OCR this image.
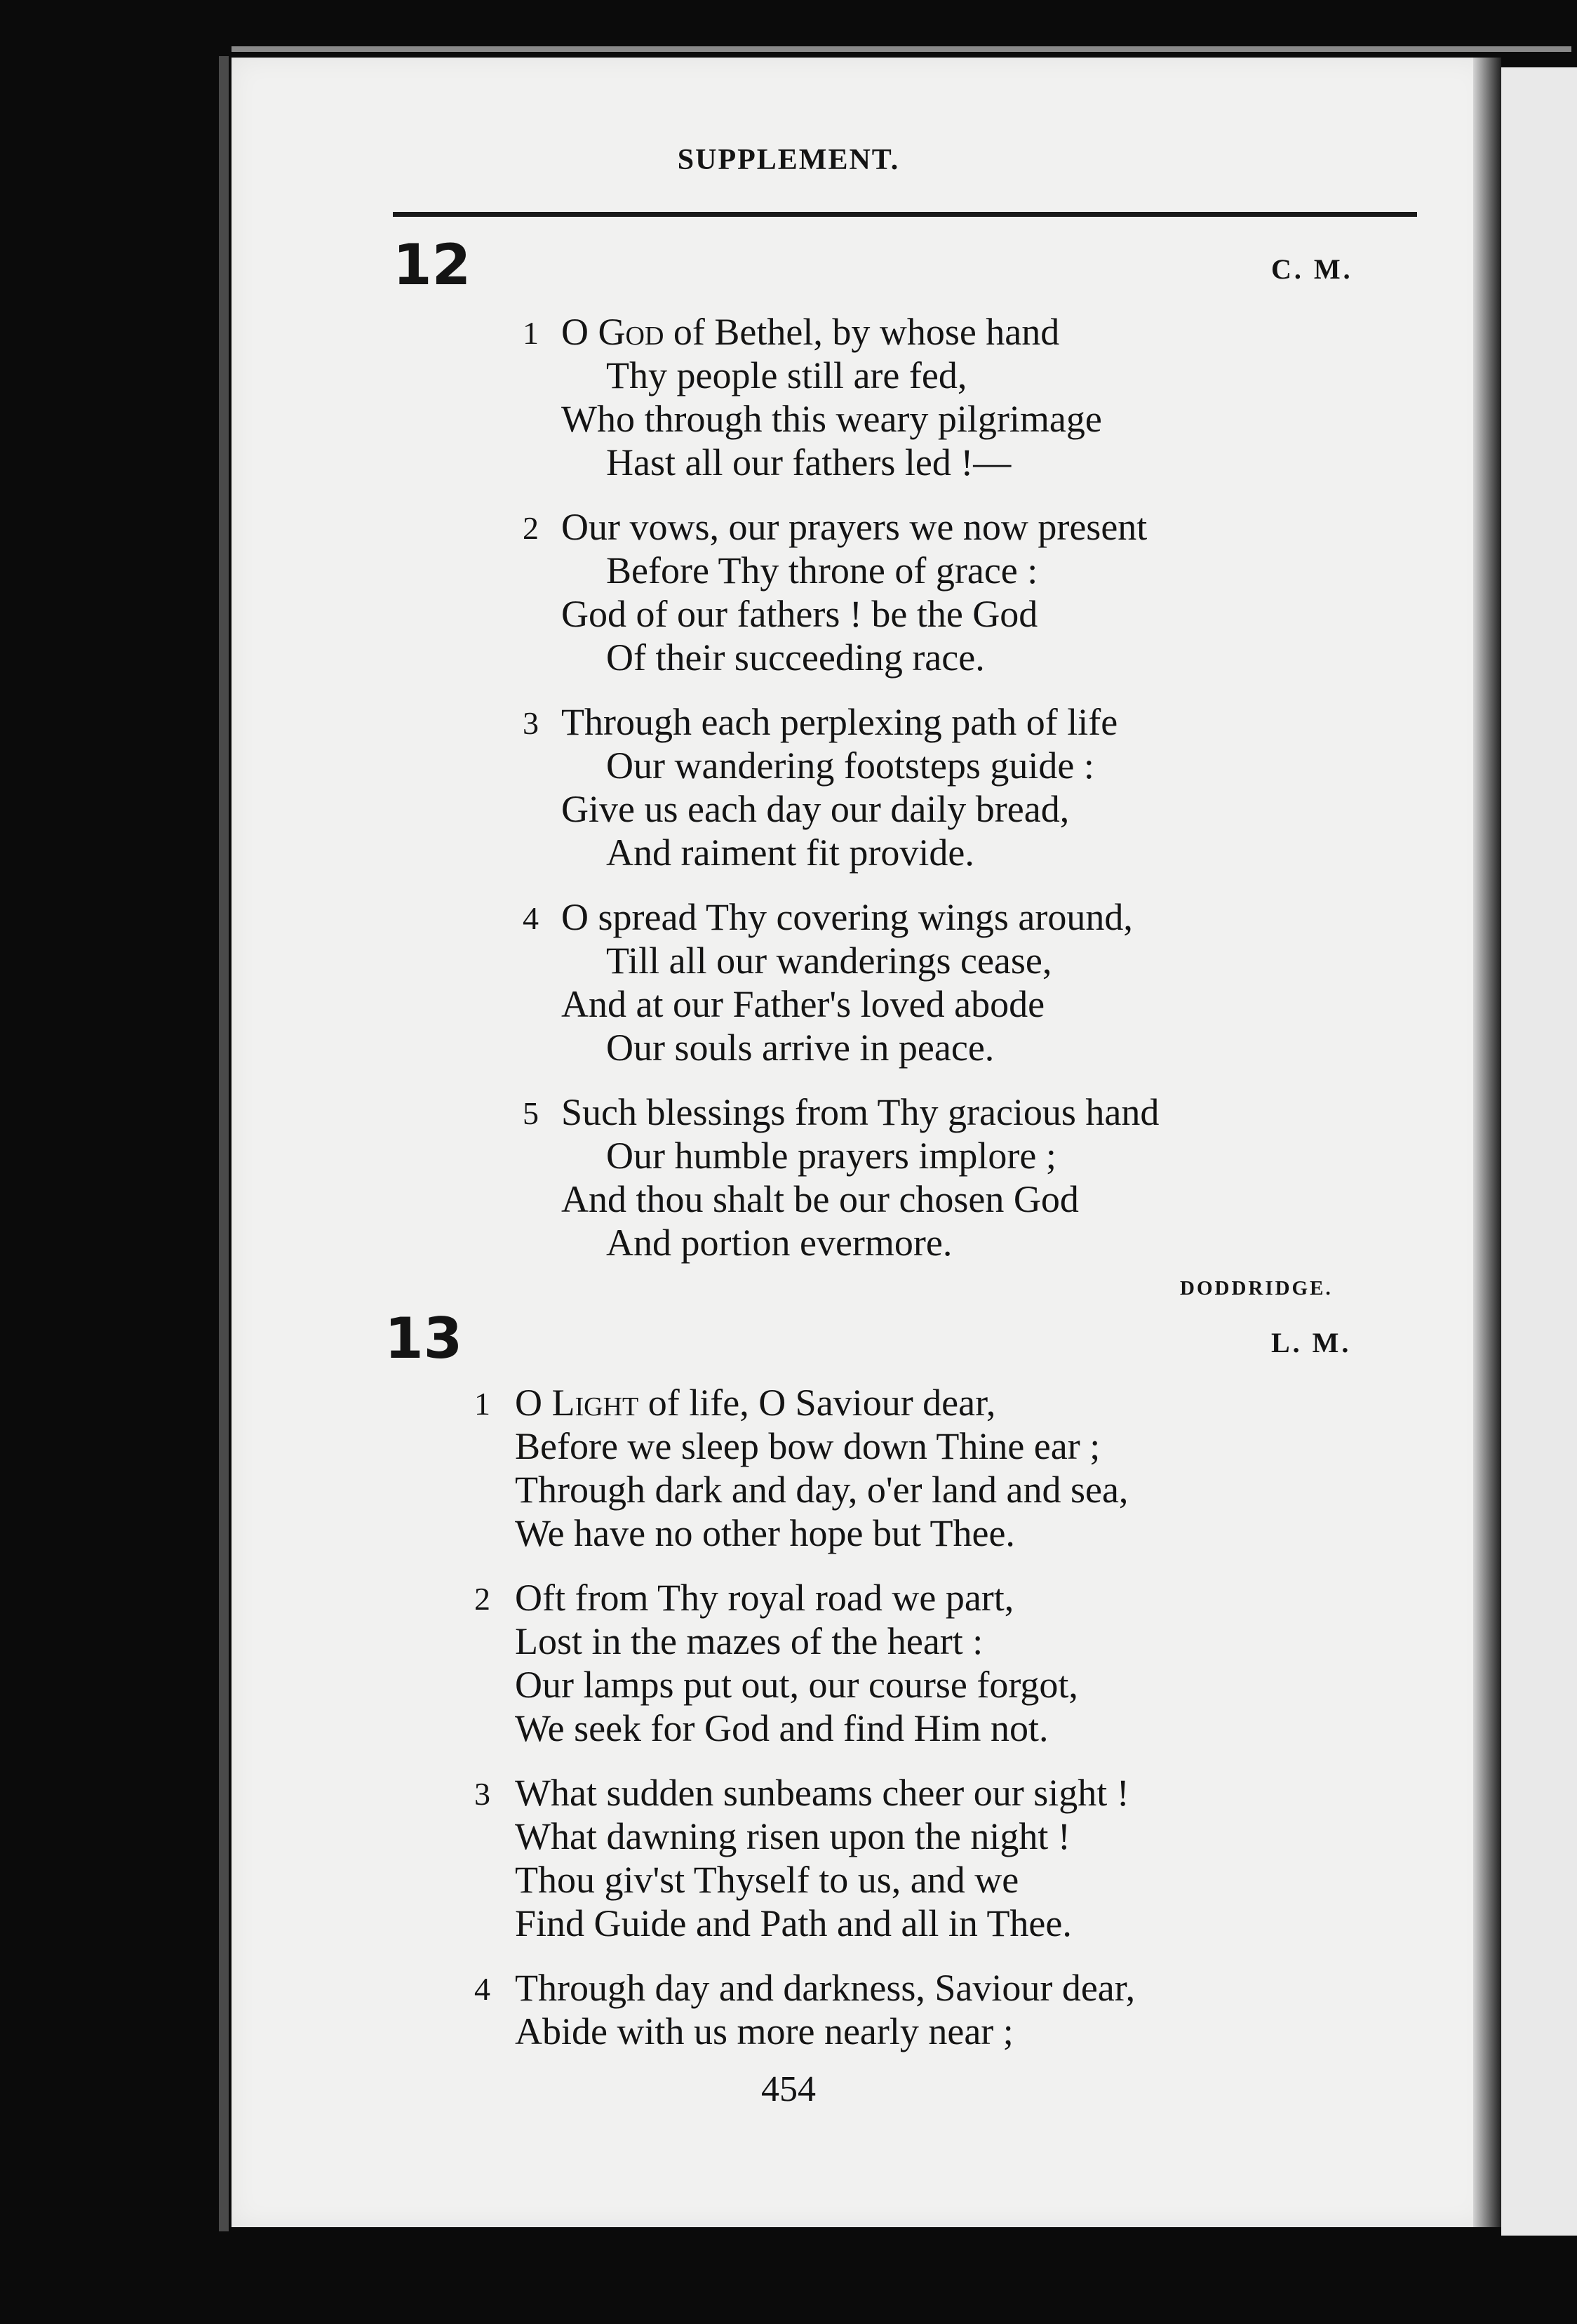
SUPPLEMENT.
12	C. M.
1 O God of Bethel, by whose hand
Thy people still are fed,
Who through this weary pilgrimage
Hast all our fathers led !—
2 Our vows, our prayers we now present
Before Thy throne of grace :
God of our fathers ! be the God
Of their succeeding race.
3 Through each perplexing path of life
Our wandering footsteps guide :
Give us each day our daily bread,
And raiment fit provide.
4 O spread Thy covering wings around,
Till all our wanderings cease,
And at our Father's loved abode
Our souls arrive in peace.
5 Such blessings from Thy gracious hand
Our humble prayers implore ;
And thou shalt be our chosen God
And portion evermore.
DODDRIDGE.
13	L. M.
1 O Light of life, O Saviour dear,
Before we sleep bow down Thine ear ;
Through dark and day, o'er land and sea,
We have no other hope but Thee.
2 Oft from Thy royal road we part,
Lost in the mazes of the heart :
Our lamps put out, our course forgot,
We seek for God and find Him not.
3 What sudden sunbeams cheer our sight !
What dawning risen upon the night !
Thou giv'st Thyself to us, and we
Find Guide and Path and all in Thee.
4 Through day and darkness, Saviour dear,
Abide with us more nearly near ;
454
